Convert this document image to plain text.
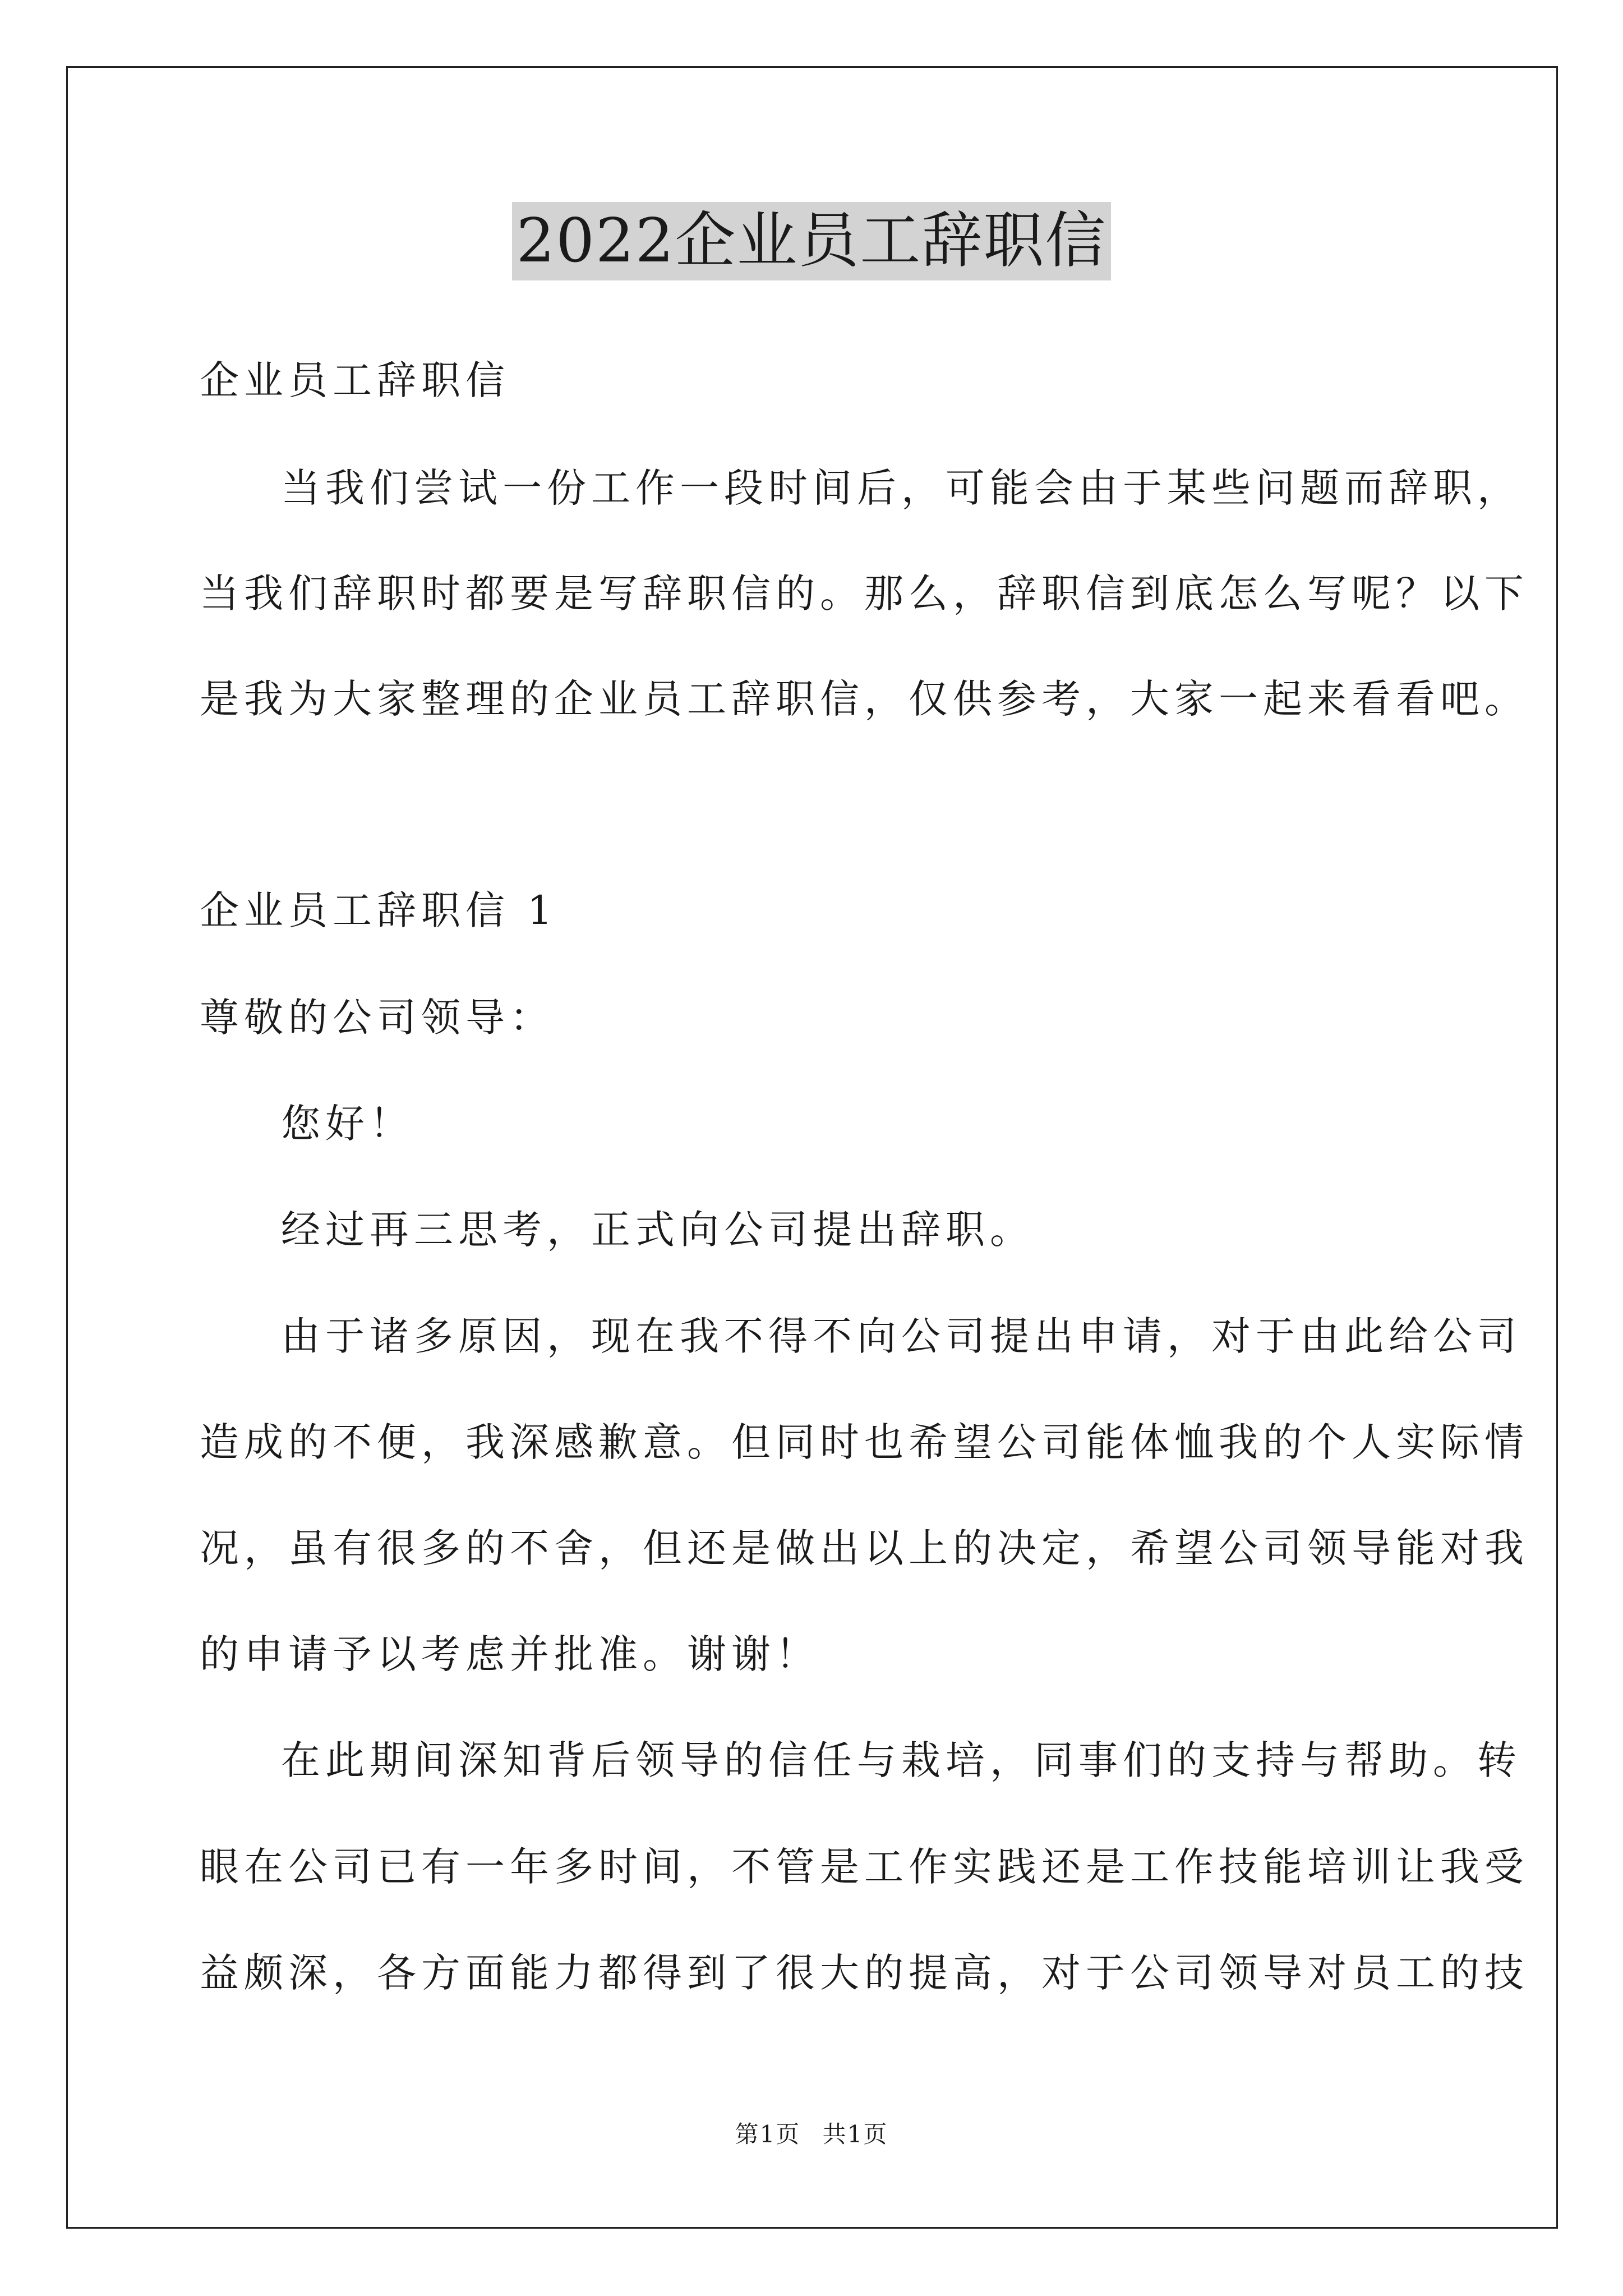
2022企业员工辞职信
企业员工辞职信
当我们尝试一份工作一段时间后，可能会由于某些问题而辞职，
当我们辞职时都要是写辞职信的。那么，辞职信到底怎么写呢？以下
是我为大家整理的企业员工辞职信，仅供参考，大家一起来看看吧。
企业员工辞职信 1
尊敬的公司领导：
您好！
经过再三思考，正式向公司提出辞职。
由于诸多原因，现在我不得不向公司提出申请，对于由此给公司
造成的不便，我深感歉意。但同时也希望公司能体恤我的个人实际情
况，虽有很多的不舍，但还是做出以上的决定，希望公司领导能对我
的申请予以考虑并批准。谢谢！
在此期间深知背后领导的信任与栽培，同事们的支持与帮助。转
眼在公司已有一年多时间，不管是工作实践还是工作技能培训让我受
益颇深，各方面能力都得到了很大的提高，对于公司领导对员工的技
第1页 共1页
